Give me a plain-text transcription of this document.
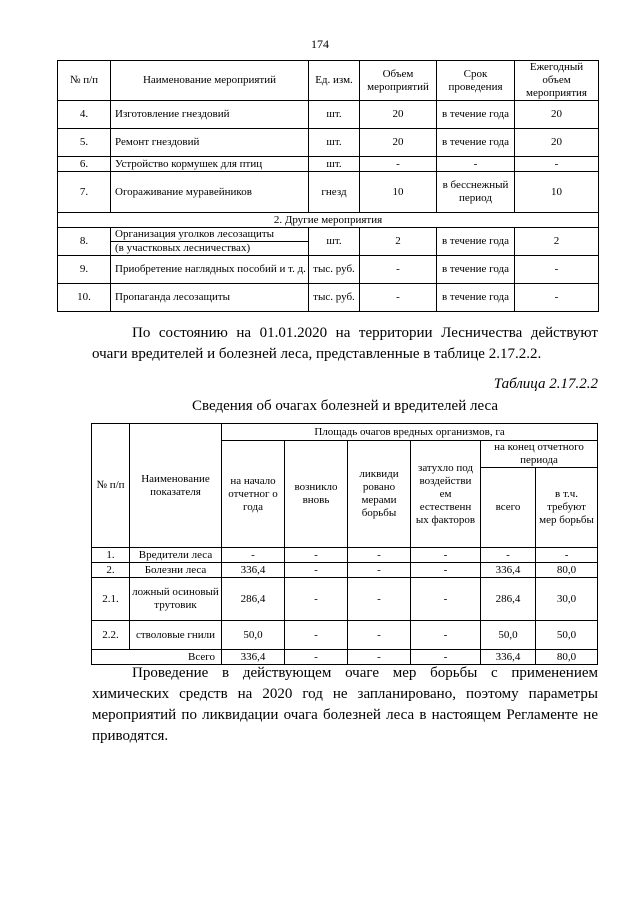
174
№ п/п	Наименование мероприятий	Ед. изм.	Объем мероприятий	Срок проведения	Ежегодный объем мероприятия
4.	Изготовление гнездовий	шт.	20	в течение года	20
5.	Ремонт гнездовий	шт.	20	в течение года	20
6.	Устройство кормушек для птиц	шт.	-	-	-
7.	Огораживание муравейников	гнезд	10	в бесснежный период	10
2. Другие мероприятия					
8.	Организация уголков лесозащиты	шт.	2	в течение года	2
	(в участковых лесничествах)				
9.	Приобретение наглядных пособий и т. д.	тыс. руб.	-	в течение года	-
10.	Пропаганда лесозащиты	тыс. руб.	-	в течение года	-
По состоянию на 01.01.2020 на территории Лесничества действуют очаги вредителей и болезней леса, представленные в таблице 2.17.2.2.
Таблица 2.17.2.2
Сведения об очагах болезней и вредителей леса
№ п/п	Наименование показателя	Площадь очагов вредных организмов, га					
		на начало отчетног о года	возникло вновь	ликвиди ровано мерами борьбы	затухло под воздействи ем естественн ых факторов	на конец отчетного периода	
						всего	в т.ч. требуют мер борьбы
1.	Вредители леса	-	-	-	-	-	-
2.	Болезни леса	336,4	-	-	-	336,4	80,0
2.1.	ложный осиновый трутовик	286,4	-	-	-	286,4	30,0
2.2.	стволовые гнили	50,0	-	-	-	50,0	50,0
Всего		336,4	-	-	-	336,4	80,0
Проведение в действующем очаге мер борьбы с применением химических средств на 2020 год не запланировано, поэтому параметры мероприятий по ликвидации очага болезней леса в настоящем Регламенте не приводятся.
